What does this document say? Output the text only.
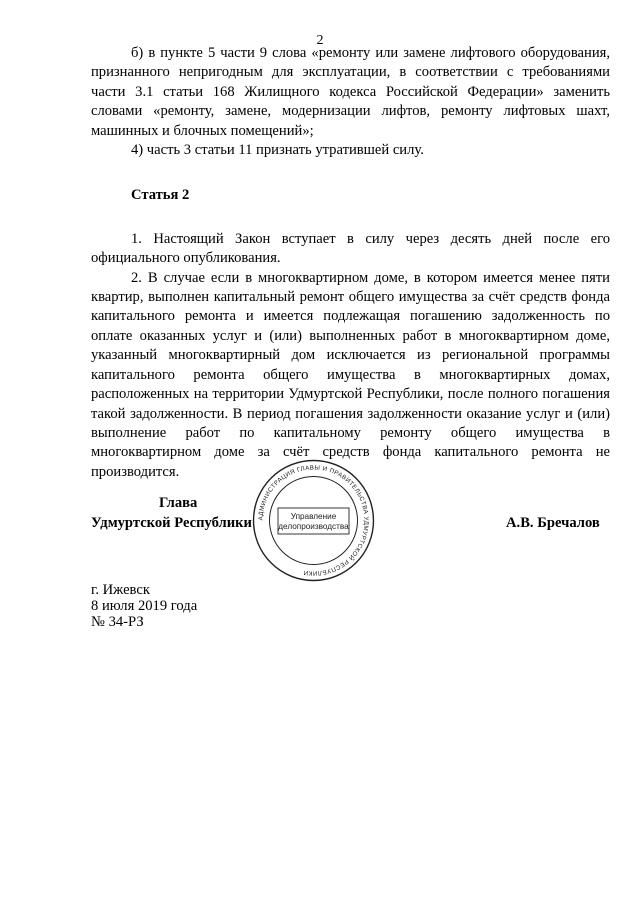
2

б) в пункте 5 части 9 слова «ремонту или замене лифтового оборудования, признанного непригодным для эксплуатации, в соответствии с требованиями части 3.1 статьи 168 Жилищного кодекса Российской Федерации» заменить словами «ремонту, замене, модернизации лифтов, ремонту лифтовых шахт, машинных и блочных помещений»;

4) часть 3 статьи 11 признать утратившей силу.

Статья 2

1. Настоящий Закон вступает в силу через десять дней после его официального опубликования.

2. В случае если в многоквартирном доме, в котором имеется менее пяти квартир, выполнен капитальный ремонт общего имущества за счёт средств фонда капитального ремонта и имеется подлежащая погашению задолженность по оплате оказанных услуг и (или) выполненных работ в многоквартирном доме, указанный многоквартирный дом исключается из региональной программы капитального ремонта общего имущества в многоквартирных домах, расположенных на территории Удмуртской Республики, после полного погашения такой задолженности. В период погашения задолженности оказание услуг и (или) выполнение работ по капитальному ремонту общего имущества в многоквартирном доме за счёт средств фонда капитального ремонта не производится.

АДМИНИСТРАЦИЯ ГЛАВЫ И ПРАВИТЕЛЬСТВА УДМУРТСКОЙ РЕСПУБЛИКИ
Управление
делопроизводства
Глава
Удмуртской Республики	А.В. Бречалов
г. Ижевск
8 июля 2019 года
№ 34-РЗ
